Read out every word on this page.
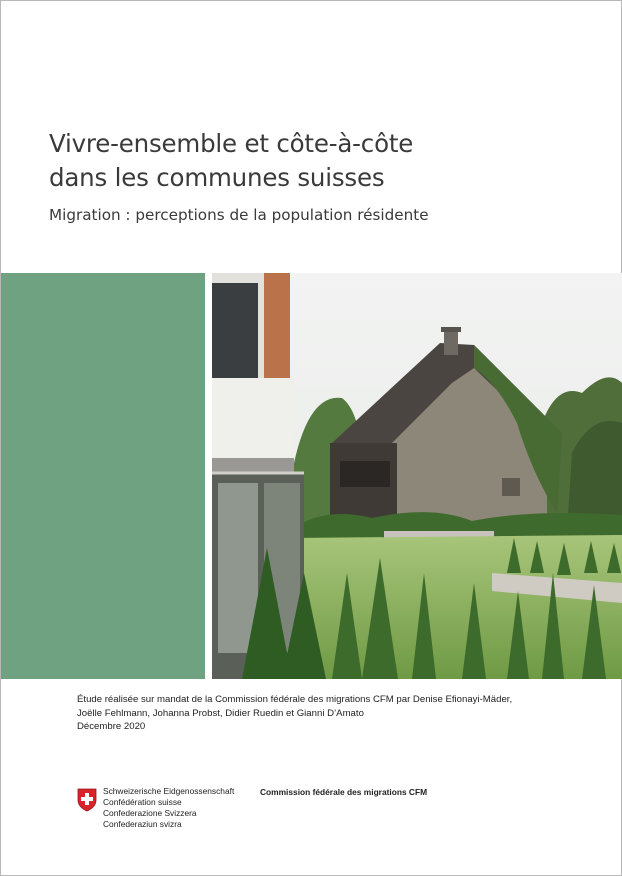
Vivre-ensemble et côte-à-côte
dans les communes suisses
Migration : perceptions de la population résidente
Étude réalisée sur mandat de la Commission fédérale des migrations CFM par Denise Efionayi-Mäder,
Joëlle Fehlmann, Johanna Probst, Didier Ruedin et Gianni D’Amato
Décembre 2020
Schweizerische Eidgenossenschaft
Confédération suisse
Confederazione Svizzera
Confederaziun svizra
Commission fédérale des migrations CFM
